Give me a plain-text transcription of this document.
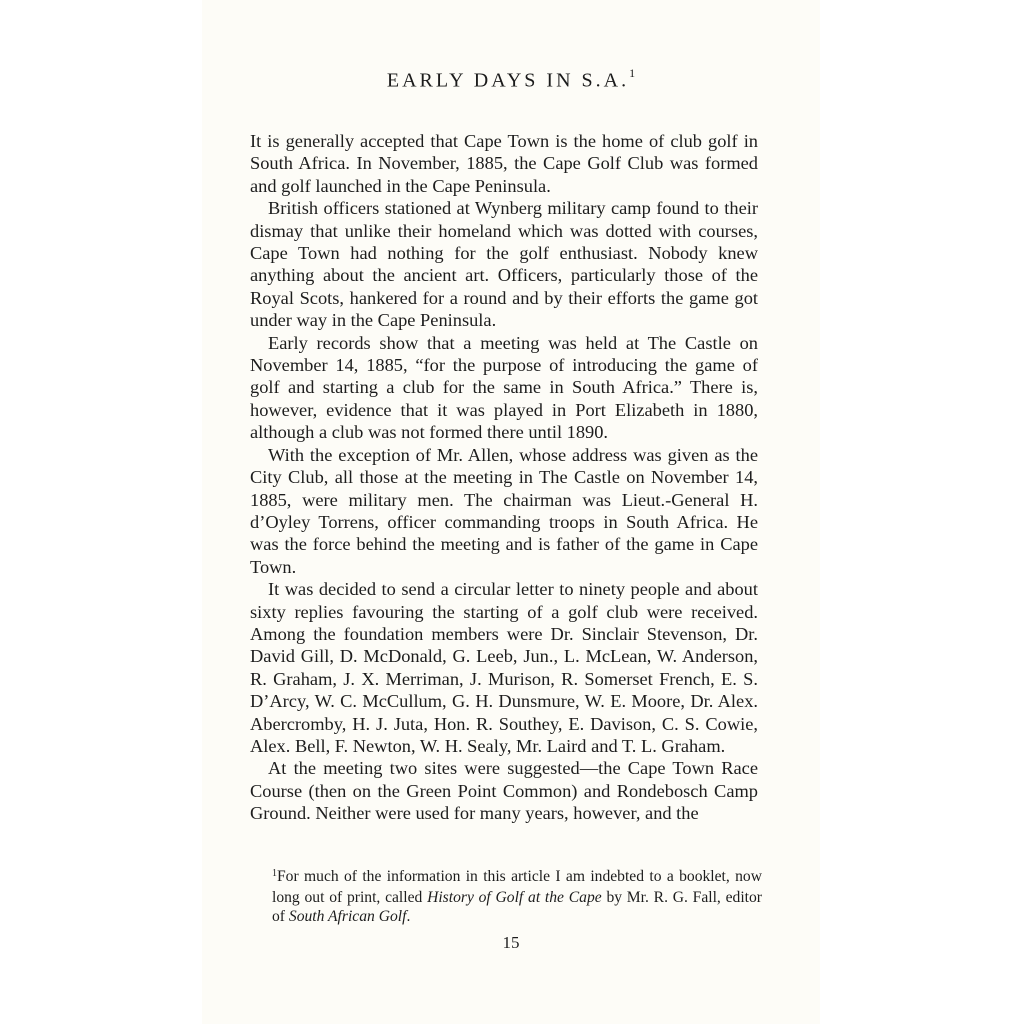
EARLY DAYS IN S.A.$^1$

It is generally accepted that Cape Town is the home of club golf in South Africa. In November, 1885, the Cape Golf Club was formed and golf launched in the Cape Peninsula.

British officers stationed at Wynberg military camp found to their dismay that unlike their homeland which was dotted with courses, Cape Town had nothing for the golf enthusiast. Nobody knew anything about the ancient art. Officers, particularly those of the Royal Scots, hankered for a round and by their efforts the game got under way in the Cape Peninsula.

Early records show that a meeting was held at The Castle on November 14, 1885, “for the purpose of introducing the game of golf and starting a club for the same in South Africa.” There is, however, evidence that it was played in Port Elizabeth in 1880, although a club was not formed there until 1890.

With the exception of Mr. Allen, whose address was given as the City Club, all those at the meeting in The Castle on November 14, 1885, were military men. The chairman was Lieut.-General H. d’Oyley Torrens, officer commanding troops in South Africa. He was the force behind the meeting and is father of the game in Cape Town.

It was decided to send a circular letter to ninety people and about sixty replies favouring the starting of a golf club were received. Among the foundation members were Dr. Sinclair Stevenson, Dr. David Gill, D. McDonald, G. Leeb, Jun., L. McLean, W. Anderson, R. Graham, J. X. Merriman, J. Murison, R. Somerset French, E. S. D’Arcy, W. C. McCullum, G. H. Dunsmure, W. E. Moore, Dr. Alex. Abercromby, H. J. Juta, Hon. R. Southey, E. Davison, C. S. Cowie, Alex. Bell, F. Newton, W. H. Sealy, Mr. Laird and T. L. Graham.

At the meeting two sites were suggested—the Cape Town Race Course (then on the Green Point Common) and Rondebosch Camp Ground. Neither were used for many years, however, and the

$^1$For much of the information in this article I am indebted to a booklet, now long out of print, called History of Golf at the Cape by Mr. R. G. Fall, editor of South African Golf.

15
